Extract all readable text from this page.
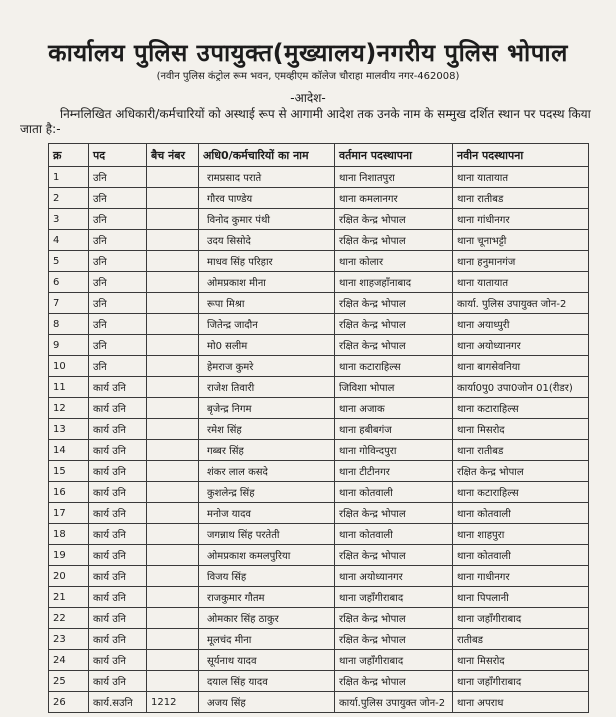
कार्यालय पुलिस उपायुक्त(मुख्यालय)नगरीय पुलिस भोपाल
(नवीन पुलिस कंट्रोल रूम भवन, एमव्हीएम कॉलेज चौराहा मालवीय नगर-462008)
-आदेश-
निम्नलिखित अधिकारी/कर्मचारियों को अस्थाई रूप से आगामी आदेश तक उनके नाम के सम्मुख दर्शित स्थान पर पदस्थ किया जाता है:-
क्र	पद	बैच नंबर	अधि0/कर्मचारियों का नाम	वर्तमान पदस्थापना	नवीन पदस्थापना
1	उनि		रामप्रसाद पराते	थाना निशातपुरा	थाना यातायात
2	उनि		गौरव पाण्डेय	थाना कमलानगर	थाना रातीबड
3	उनि		विनोद कुमार पंथी	रक्षित केन्द्र भोपाल	थाना गांधीनगर
4	उनि		उदय सिसोदे	रक्षित केन्द्र भोपाल	थाना चूनाभट्टी
5	उनि		माधव सिंह परिहार	थाना कोलार	थाना हनुमानगंज
6	उनि		ओमप्रकाश मीना	थाना शाहजहाँनाबाद	थाना यातायात
7	उनि		रूपा मिश्रा	रक्षित केन्द्र भोपाल	कार्या. पुलिस उपायुक्त जोन-2
8	उनि		जितेन्द्र जादौन	रक्षित केन्द्र भोपाल	थाना अयाध्पुरी
9	उनि		मो0 सलीम	रक्षित केन्द्र भोपाल	थाना अयोध्यानगर
10	उनि		हेमराज कुमरे	थाना कटाराहिल्स	थाना बागसेवनिया
11	कार्य उनि		राजेश तिवारी	जिविशा भोपाल	कार्या0पु0 उपा0जोन 01(रीडर)
12	कार्य उनि		बृजेन्द्र निगम	थाना अजाक	थाना कटाराहिल्स
13	कार्य उनि		रमेश सिंह	थाना हबीबगंज	थाना मिसरोद
14	कार्य उनि		गब्बर सिंह	थाना गोविन्दपुरा	थाना रातीबड
15	कार्य उनि		शंकर लाल कसदे	थाना टीटीनगर	रक्षित केन्द्र भोपाल
16	कार्य उनि		कुशलेन्द्र सिंह	थाना कोतवाली	थाना कटाराहिल्स
17	कार्य उनि		मनोज यादव	रक्षित केन्द्र भोपाल	थाना कोतवाली
18	कार्य उनि		जगन्नाथ सिंह परतेती	थाना कोतवाली	थाना शाहपुरा
19	कार्य उनि		ओमप्रकाश कमलपुरिया	रक्षित केन्द्र भोपाल	थाना कोतवाली
20	कार्य उनि		विजय सिंह	थाना अयोध्यानगर	थाना गाधीनगर
21	कार्य उनि		राजकुमार गौतम	थाना जहाँगीराबाद	थाना पिपलानी
22	कार्य उनि		ओमकार सिंह ठाकुर	रक्षित केन्द्र भोपाल	थाना जहाँगीराबाद
23	कार्य उनि		मूलचंद मीना	रक्षित केन्द्र भोपाल	रातीबड
24	कार्य उनि		सूर्यनाथ यादव	थाना जहाँगीराबाद	थाना मिसरोद
25	कार्य उनि		दयाल सिंह यादव	रक्षित केन्द्र भोपाल	थाना जहाँगीराबाद
26	कार्य.सउनि	1212	अजय सिंह	कार्या.पुलिस उपायुक्त जोन-2	थाना अपराध
